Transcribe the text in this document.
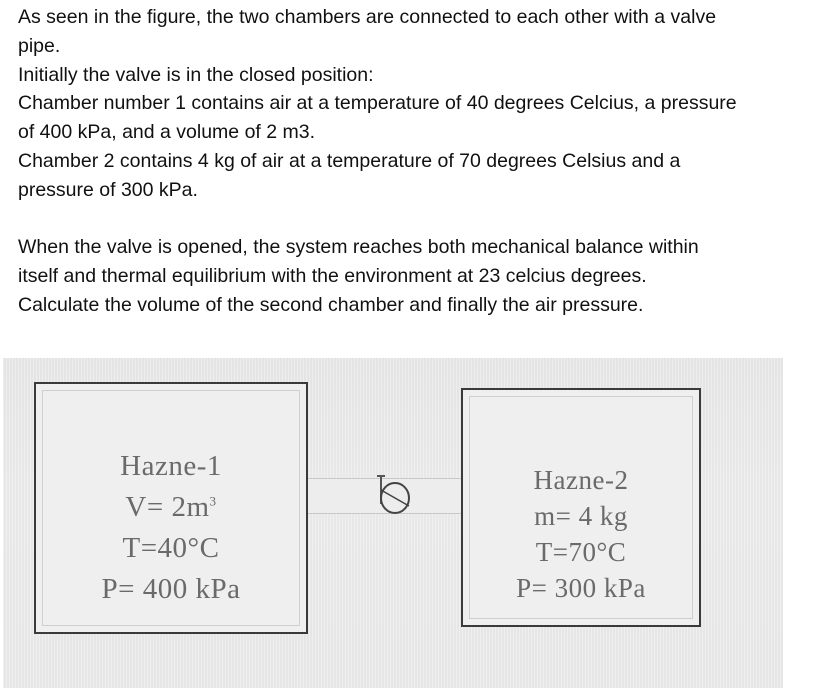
As seen in the figure, the two chambers are connected to each other with a valve
pipe.
Initially the valve is in the closed position:
Chamber number 1 contains air at a temperature of 40 degrees Celcius, a pressure
of 400 kPa, and a volume of 2 m3.
Chamber 2 contains 4 kg of air at a temperature of 70 degrees Celsius and a
pressure of 300 kPa.
When the valve is opened, the system reaches both mechanical balance within
itself and thermal equilibrium with the environment at 23 celcius degrees.
Calculate the volume of the second chamber and finally the air pressure.
Hazne-1
$V= 2m^3$
T=40°C
P= 400 kPa
Hazne-2
m= 4 kg
T=70°C
P= 300 kPa
